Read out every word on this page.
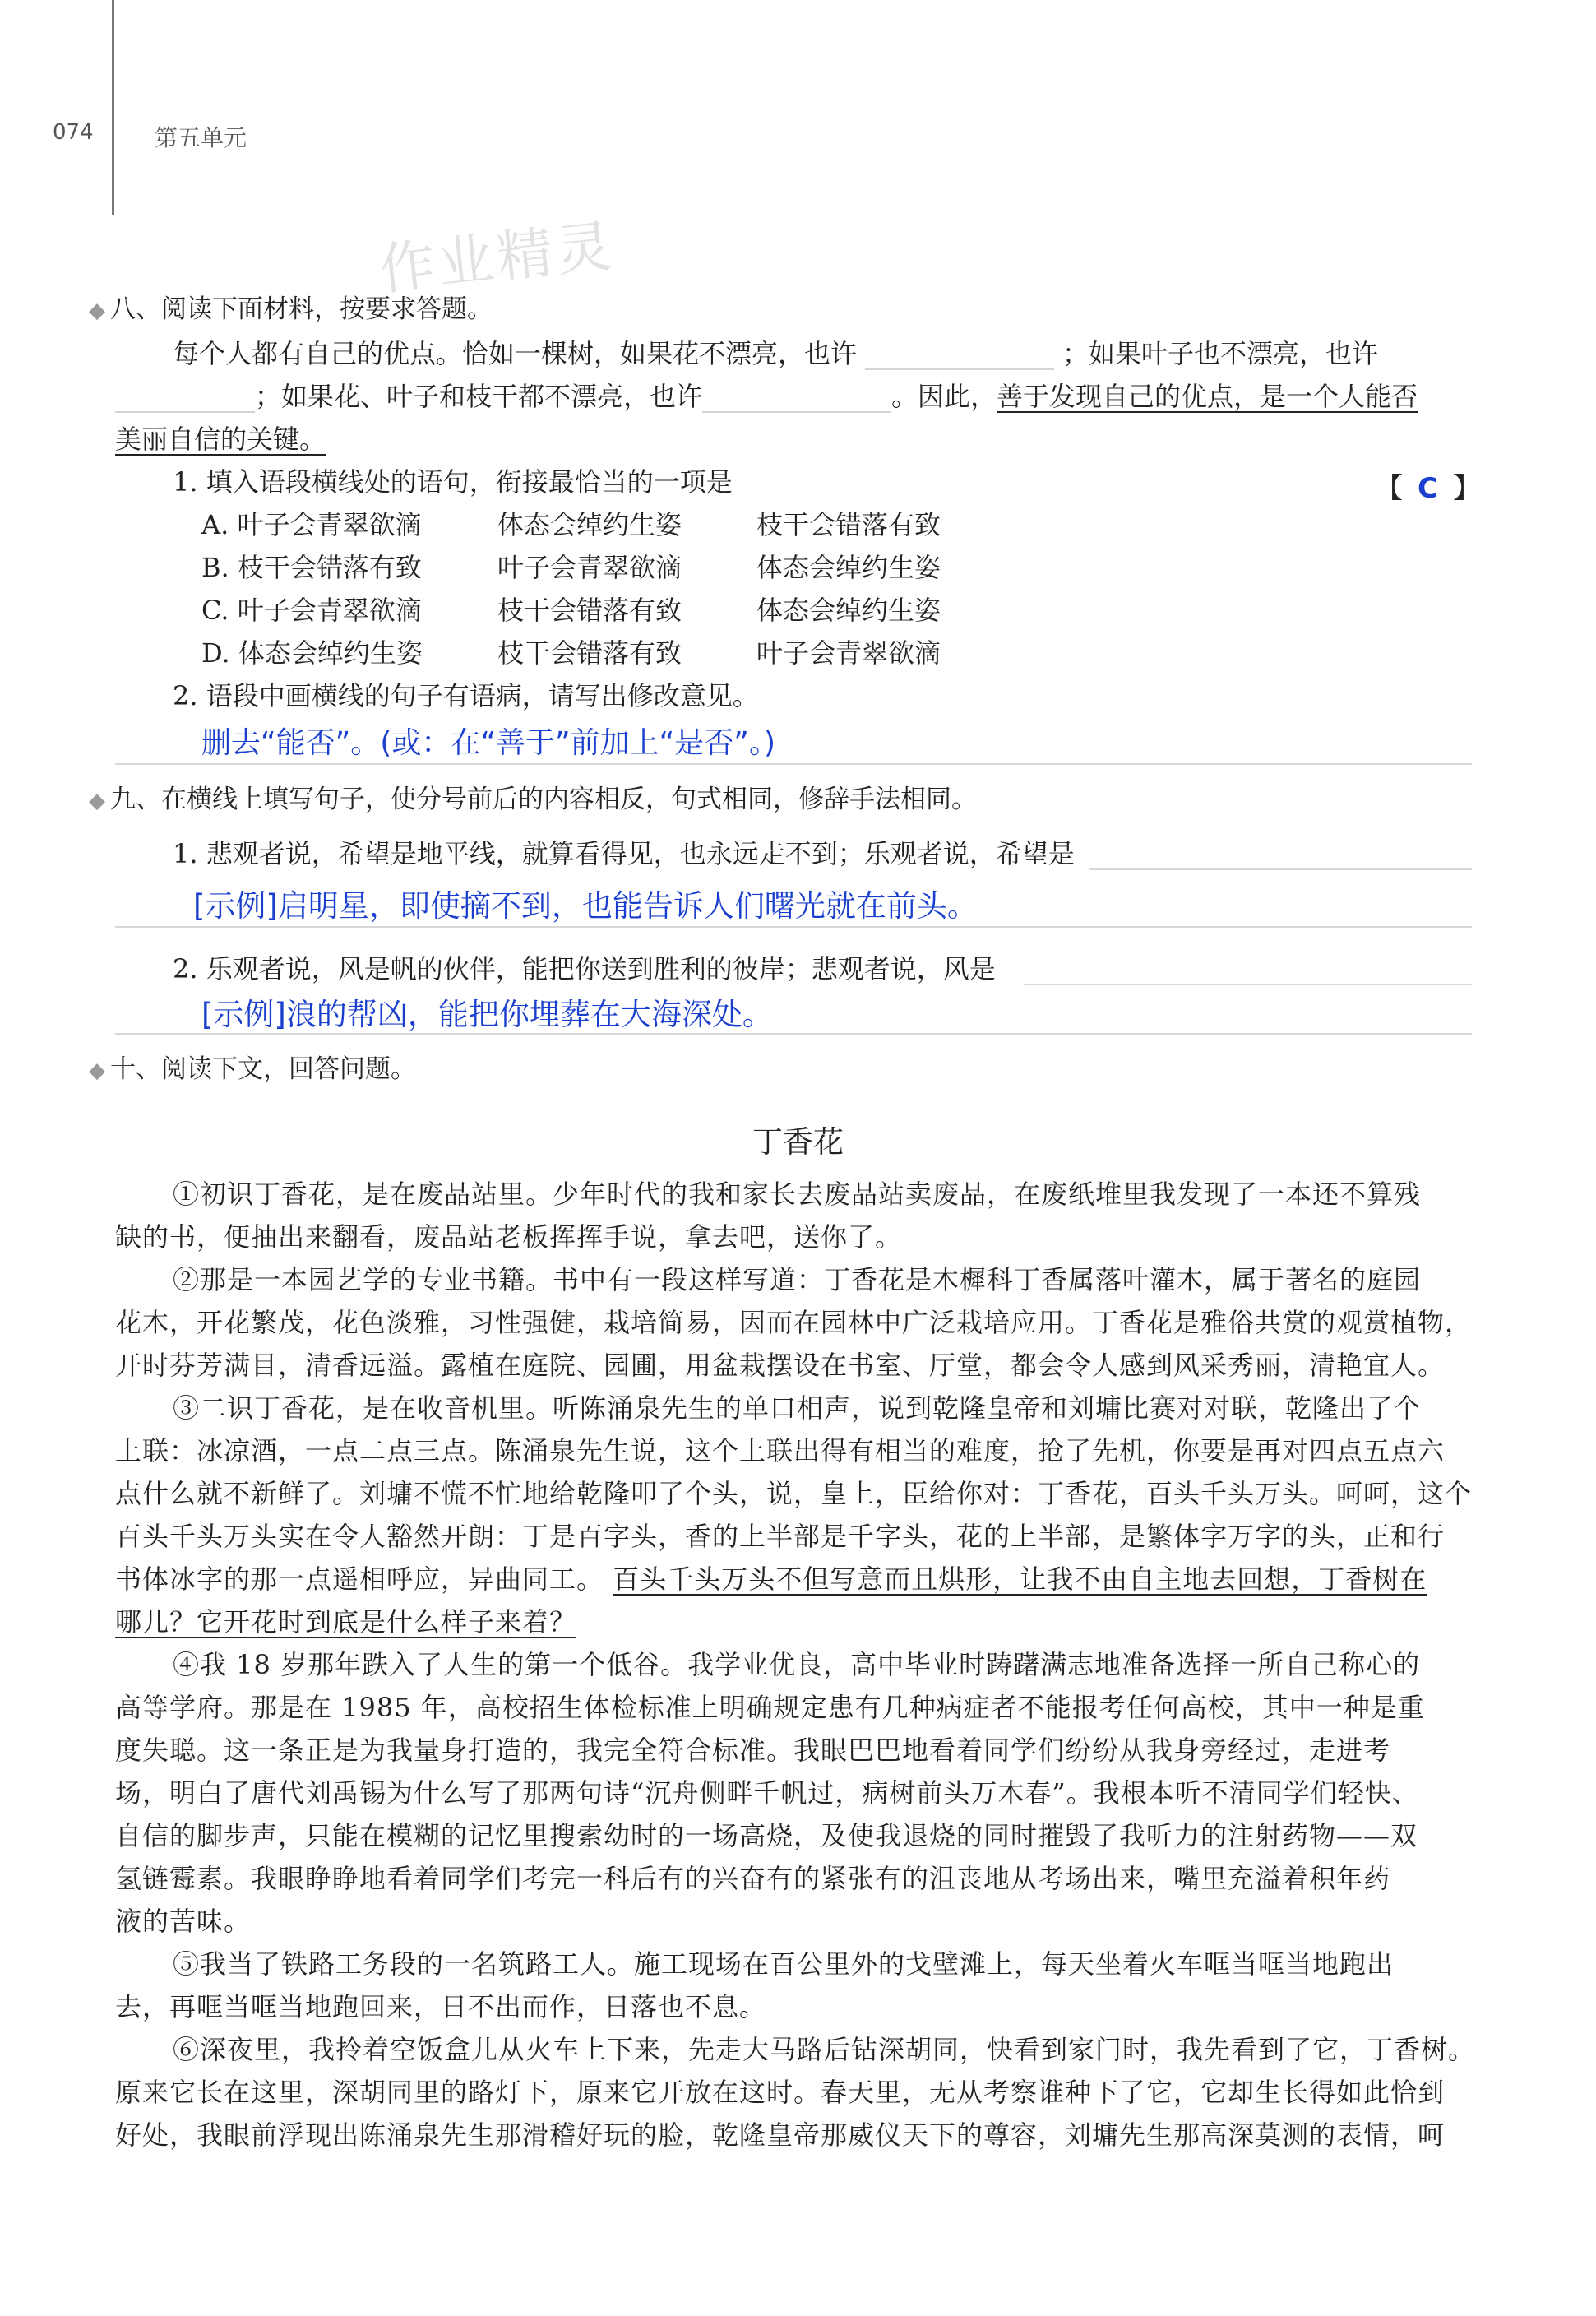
074	第五单元
作业精灵
◆ 八、阅读下面材料，按要求答题。
每个人都有自己的优点。恰如一棵树，如果花不漂亮，也许	；如果叶子也不漂亮，也许
；如果花、叶子和枝干都不漂亮，也许	。因此，善于发现自己的优点，是一个人能否
美丽自信的关键。
1. 填入语段横线处的语句，衔接最恰当的一项是	【 C 】
A. 叶子会青翠欲滴	体态会绰约生姿	枝干会错落有致
B. 枝干会错落有致	叶子会青翠欲滴	体态会绰约生姿
C. 叶子会青翠欲滴	枝干会错落有致	体态会绰约生姿
D. 体态会绰约生姿	枝干会错落有致	叶子会青翠欲滴
2. 语段中画横线的句子有语病，请写出修改意见。
删去“能否”。(或：在“善于”前加上“是否”。)
◆ 九、在横线上填写句子，使分号前后的内容相反，句式相同，修辞手法相同。
1. 悲观者说，希望是地平线，就算看得见，也永远走不到；乐观者说，希望是
[示例]启明星，即使摘不到，也能告诉人们曙光就在前头。
2. 乐观者说，风是帆的伙伴，能把你送到胜利的彼岸；悲观者说，风是
[示例]浪的帮凶，能把你埋葬在大海深处。
◆ 十、阅读下文，回答问题。
丁香花
①初识丁香花，是在废品站里。少年时代的我和家长去废品站卖废品，在废纸堆里我发现了一本还不算残
缺的书，便抽出来翻看，废品站老板挥挥手说，拿去吧，送你了。
②那是一本园艺学的专业书籍。书中有一段这样写道：丁香花是木樨科丁香属落叶灌木，属于著名的庭园
花木，开花繁茂，花色淡雅，习性强健，栽培简易，因而在园林中广泛栽培应用。丁香花是雅俗共赏的观赏植物，
开时芬芳满目，清香远溢。露植在庭院、园圃，用盆栽摆设在书室、厅堂，都会令人感到风采秀丽，清艳宜人。
③二识丁香花，是在收音机里。听陈涌泉先生的单口相声，说到乾隆皇帝和刘墉比赛对对联，乾隆出了个
上联：冰凉酒，一点二点三点。陈涌泉先生说，这个上联出得有相当的难度，抢了先机，你要是再对四点五点六
点什么就不新鲜了。刘墉不慌不忙地给乾隆叩了个头，说，皇上，臣给你对：丁香花，百头千头万头。呵呵，这个
百头千头万头实在令人豁然开朗：丁是百字头，香的上半部是千字头，花的上半部，是繁体字万字的头，正和行
书体冰字的那一点遥相呼应，异曲同工。 百头千头万头不但写意而且烘形，让我不由自主地去回想，丁香树在
哪儿？它开花时到底是什么样子来着？
④我 18 岁那年跌入了人生的第一个低谷。我学业优良，高中毕业时踌躇满志地准备选择一所自己称心的
高等学府。那是在 1985 年，高校招生体检标准上明确规定患有几种病症者不能报考任何高校，其中一种是重
度失聪。这一条正是为我量身打造的，我完全符合标准。我眼巴巴地看着同学们纷纷从我身旁经过，走进考
场，明白了唐代刘禹锡为什么写了那两句诗“沉舟侧畔千帆过，病树前头万木春”。我根本听不清同学们轻快、
自信的脚步声，只能在模糊的记忆里搜索幼时的一场高烧，及使我退烧的同时摧毁了我听力的注射药物——双
氢链霉素。我眼睁睁地看着同学们考完一科后有的兴奋有的紧张有的沮丧地从考场出来，嘴里充溢着积年药
液的苦味。
⑤我当了铁路工务段的一名筑路工人。施工现场在百公里外的戈壁滩上，每天坐着火车哐当哐当地跑出
去，再哐当哐当地跑回来，日不出而作，日落也不息。
⑥深夜里，我拎着空饭盒儿从火车上下来，先走大马路后钻深胡同，快看到家门时，我先看到了它，丁香树。
原来它长在这里，深胡同里的路灯下，原来它开放在这时。春天里，无从考察谁种下了它，它却生长得如此恰到
好处，我眼前浮现出陈涌泉先生那滑稽好玩的脸，乾隆皇帝那威仪天下的尊容，刘墉先生那高深莫测的表情，呵
